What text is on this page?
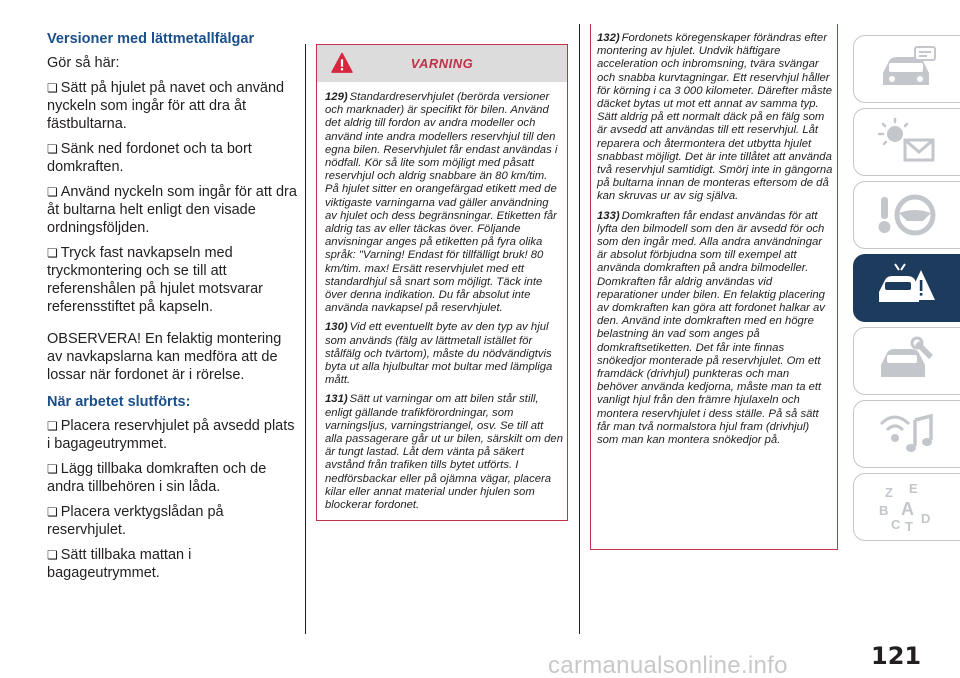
Versioner med lättmetallfälgar
Gör så här:
❏ Sätt på hjulet på navet och använd nyckeln som ingår för att dra åt fästbultarna.
❏ Sänk ned fordonet och ta bort domkraften.
❏ Använd nyckeln som ingår för att dra åt bultarna helt enligt den visade ordningsföljden.
❏ Tryck fast navkapseln med tryckmontering och se till att referenshålen på hjulet motsvarar referensstiftet på kapseln.
OBSERVERA! En felaktig montering av navkapslarna kan medföra att de lossar när fordonet är i rörelse.
När arbetet slutförts:
❏ Placera reservhjulet på avsedd plats i bagageutrymmet.
❏ Lägg tillbaka domkraften och de andra tillbehören i sin låda.
❏ Placera verktygslådan på reservhjulet.
❏ Sätt tillbaka mattan i bagageutrymmet.
VARNING
129) Standardreservhjulet (berörda versioner och marknader) är specifikt för bilen. Använd det aldrig till fordon av andra modeller och använd inte andra modellers reservhjul till den egna bilen. Reservhjulet får endast användas i nödfall. Kör så lite som möjligt med påsatt reservhjul och aldrig snabbare än 80 km/tim. På hjulet sitter en orangefärgad etikett med de viktigaste varningarna vad gäller användning av hjulet och dess begränsningar. Etiketten får aldrig tas av eller täckas över. Följande anvisningar anges på etiketten på fyra olika språk: "Varning! Endast för tillfälligt bruk! 80 km/tim. max! Ersätt reservhjulet med ett standardhjul så snart som möjligt. Täck inte över denna indikation. Du får absolut inte använda navkapsel på reservhjulet.
130) Vid ett eventuellt byte av den typ av hjul som används (fälg av lättmetall istället för stålfälg och tvärtom), måste du nödvändigtvis byta ut alla hjulbultar mot bultar med lämpliga mått.
131) Sätt ut varningar om att bilen står still, enligt gällande trafikförordningar, som varningsljus, varningstriangel, osv. Se till att alla passagerare går ut ur bilen, särskilt om den är tungt lastad. Låt dem vänta på säkert avstånd från trafiken tills bytet utförts. I nedförsbackar eller på ojämna vägar, placera kilar eller annat material under hjulen som blockerar fordonet.
132) Fordonets köregenskaper förändras efter montering av hjulet. Undvik häftigare acceleration och inbromsning, tvära svängar och snabba kurvtagningar. Ett reservhjul håller för körning i ca 3 000 kilometer. Därefter måste däcket bytas ut mot ett annat av samma typ. Sätt aldrig på ett normalt däck på en fälg som är avsedd att användas till ett reservhjul. Låt reparera och återmontera det utbytta hjulet snabbast möjligt. Det är inte tillåtet att använda två reservhjul samtidigt. Smörj inte in gängorna på bultarna innan de monteras eftersom de då kan skruvas ur av sig själva.
133) Domkraften får endast användas för att lyfta den bilmodell som den är avsedd för och som den ingår med. Alla andra användningar är absolut förbjudna som till exempel att använda domkraften på andra bilmodeller. Domkraften får aldrig användas vid reparationer under bilen. En felaktig placering av domkraften kan göra att fordonet halkar av den. Använd inte domkraften med en högre belastning än vad som anges på domkraftsetiketten. Det får inte finnas snökedjor monterade på reservhjulet. Om ett framdäck (drivhjul) punkteras och man behöver använda kedjorna, måste man ta ett vanligt hjul från den främre hjulaxeln och montera reservhjulet i dess ställe. På så sätt får man två normalstora hjul fram (drivhjul) som man kan montera snökedjor på.
Z E
B A
C T
D
carmanualsonline.info	121
